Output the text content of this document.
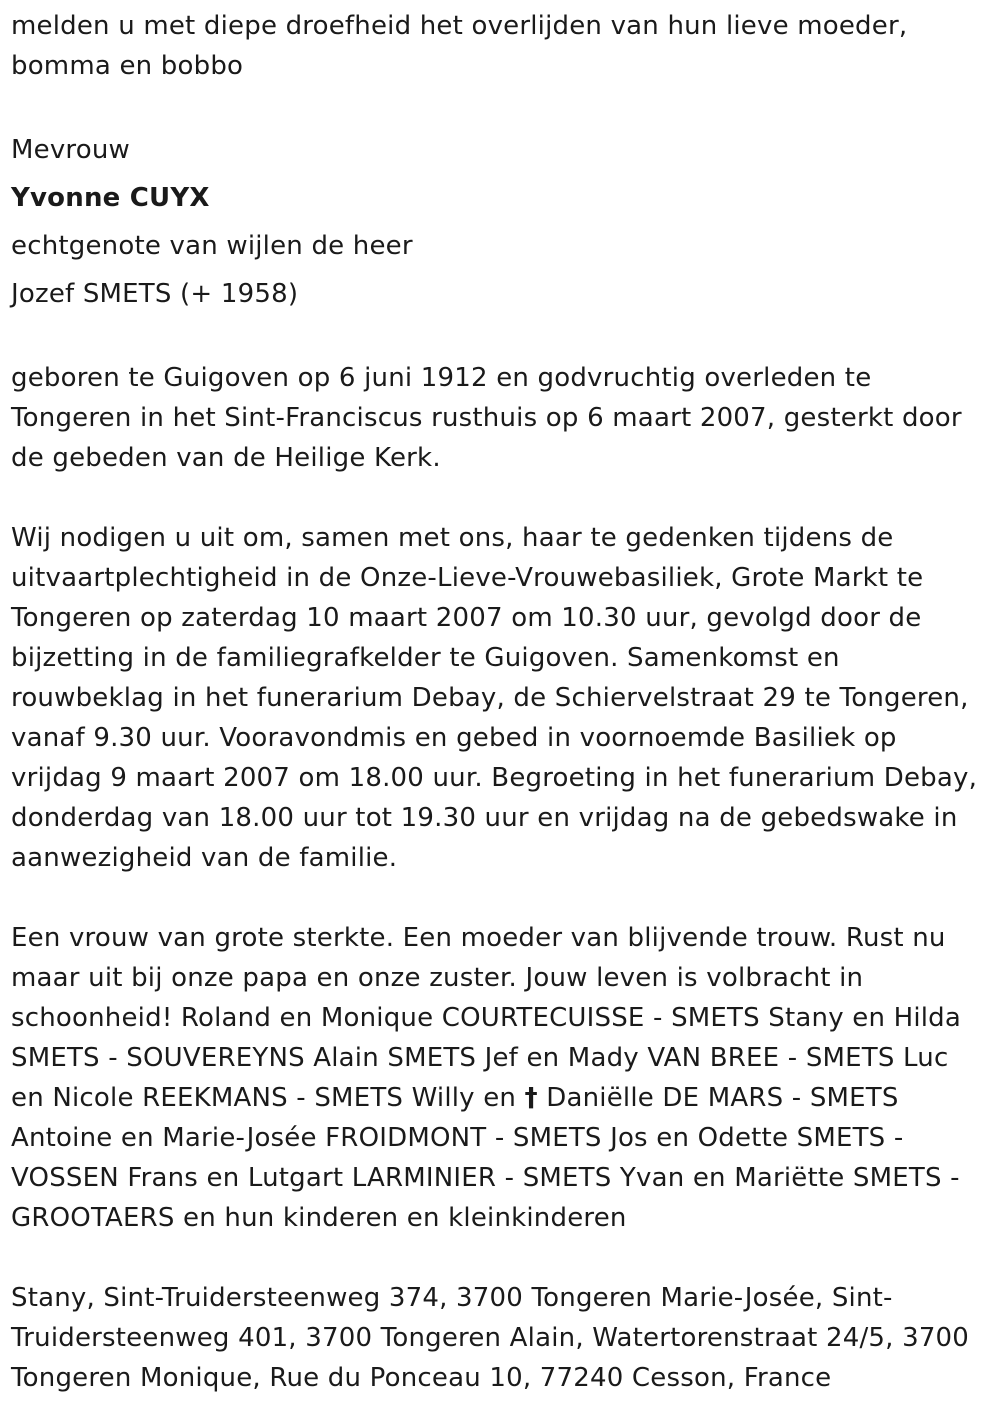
melden u met diepe droefheid het overlijden van hun lieve moeder, bomma en bobbo

Mevrouw
Yvonne CUYX
echtgenote van wijlen de heer
Jozef SMETS (+ 1958)

geboren te Guigoven op 6 juni 1912 en godvruchtig overleden te Tongeren in het Sint-Franciscus rusthuis op 6 maart 2007, gesterkt door de gebeden van de Heilige Kerk.

Wij nodigen u uit om, samen met ons, haar te gedenken tijdens de uitvaartplechtigheid in de Onze-Lieve-Vrouwebasiliek, Grote Markt te Tongeren op zaterdag 10 maart 2007 om 10.30 uur, gevolgd door de bijzetting in de familiegrafkelder te Guigoven. Samenkomst en rouwbeklag in het funerarium Debay, de Schiervelstraat 29 te Tongeren, vanaf 9.30 uur. Vooravondmis en gebed in voornoemde Basiliek op vrijdag 9 maart 2007 om 18.00 uur. Begroeting in het funerarium Debay, donderdag van 18.00 uur tot 19.30 uur en vrijdag na de gebedswake in aanwezigheid van de familie.

Een vrouw van grote sterkte. Een moeder van blijvende trouw. Rust nu maar uit bij onze papa en onze zuster. Jouw leven is volbracht in schoonheid! Roland en Monique COURTECUISSE - SMETS Stany en Hilda SMETS - SOUVEREYNS Alain SMETS Jef en Mady VAN BREE - SMETS Luc en Nicole REEKMANS - SMETS Willy en † Daniëlle DE MARS - SMETS Antoine en Marie-Josée FROIDMONT - SMETS Jos en Odette SMETS - VOSSEN Frans en Lutgart LARMINIER - SMETS Yvan en Mariëtte SMETS - GROOTAERS en hun kinderen en kleinkinderen

Stany, Sint-Truidersteenweg 374, 3700 Tongeren Marie-Josée, Sint-Truidersteenweg 401, 3700 Tongeren Alain, Watertorenstraat 24/5, 3700 Tongeren Monique, Rue du Ponceau 10, 77240 Cesson, France
